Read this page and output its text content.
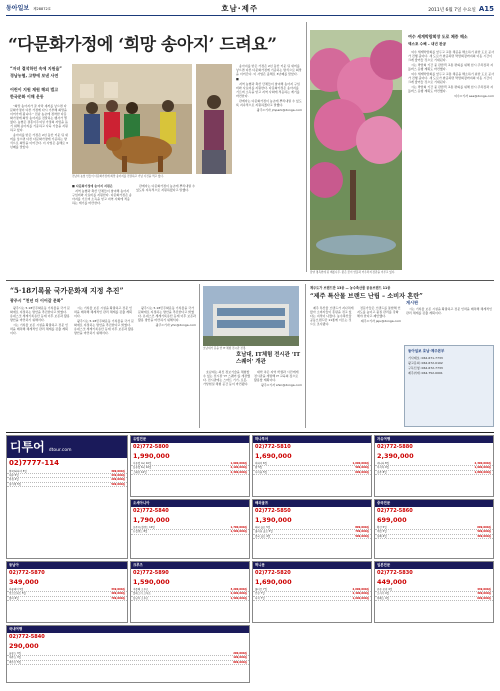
동아일보 제28872호	호남·제주	2011년 6월 7일 수요일 A15
“다문화가정에 ‘희망 송아지’ 드려요”
“자녀 결석하던 속에 지원을”
경남농협, 고향에 보낸 사연
어린이 지원 재원 해외 법고
한국문화 이해 운동

“희망 송아지가 잘 자라 새끼를 낳으면 다문화가정이 다른 가정에 다시 기부해 희망을 이어가게 됩니다.” 전남 농촌에 정착한 다문화가정에 희망 송아지를 전달하는 행사가 열렸다. 농협은 결혼이주여성 가정의 자립을 돕기 위해 송아지를 기증하고 사육 기술을 지원하고 있다.

송아지를 받은 가정은 2년 동안 키운 뒤 새끼를 낳으면 다른 다문화가정에 기증하는 방식으로 희망을 이어간다. 이 사업은 올해로 3년째를 맞았다.

전남의 농업 인들이 다문화가정에 희망 송아지를 전달하고 기념 사진을 찍고 있다.

■ 다문화가정에 송아지 지원은

지역 농협과 축산 단체들이 참여해 송아지 구입비와 사료비를 지원한다. 다문화가정은 송아지를 기르며 소득을 얻고 지역 사회에 적응하는 계기를 마련한다.

관계자는 다문화가정이 농촌에 뿌리내릴 수 있도록 지속적으로 지원하겠다고 말했다.

송아지를 받은 가정은 2년 동안 키운 뒤 새끼를 낳으면 다른 다문화가정에 기증하는 방식으로 희망을 이어간다. 이 사업은 올해로 3년째를 맞았다.

■

지역 농협과 축산 단체들이 참여해 송아지 구입비와 사료비를 지원한다. 다문화가정은 송아지를 기르며 소득을 얻고 지역 사회에 적응하는 계기를 마련한다.

관계자는 다문화가정이 농촌에 뿌리내릴 수 있도록 지속적으로 지원하겠다고 말했다.

광주=기자 jmpark@donga.com

담양 명옥헌에 핀 배롱나무. 붉은 꽃이 연못과 어우러져 장관을 이루고 있다.
여수 세계박람회장 도로 체증 해소
엑스포 수혜 – 내년 완공

여수 세계박람회를 앞두고 교통 체증을 해소하기 위한 도로 공사가 진행 중이다. 새 도로가 완공되면 박람회장까지의 이동 시간이 크게 줄어들 것으로 기대된다.

시는 박람회 기간 중 관람객 교통 편의를 위해 임시 주차장과 셔틀버스 운행 계획도 마련했다.

여수 세계박람회를 앞두고 교통 체증을 해소하기 위한 도로 공사가 진행 중이다. 새 도로가 완공되면 박람회장까지의 이동 시간이 크게 줄어들 것으로 기대된다.

시는 박람회 기간 중 관람객 교통 편의를 위해 임시 주차장과 셔틀버스 운행 계획도 마련했다.

여수=기자 sea@donga.com

“5·18기록물 국가문화재 지정 추진”
광주시 “천년 더 이어갈 문화”

광주시는 5·18민주화운동 기록물을 국가 문화재로 지정하는 방안을 추진한다고 밝혔다. 유네스코 세계기록유산 등재 이후 보존과 활용 방안을 마련하기 위해서다.

시는 기록물 보존 시설을 확충하고 전문 인력을 배치해 체계적인 관리 체계를 갖출 계획이다.

시는 기록물 보존 시설을 확충하고 전문 인력을 배치해 체계적인 관리 체계를 갖출 계획이다.

광주시는 5·18민주화운동 기록물을 국가 문화재로 지정하는 방안을 추진한다고 밝혔다. 유네스코 세계기록유산 등재 이후 보존과 활용 방안을 마련하기 위해서다.

광주시는 5·18민주화운동 기록물을 국가 문화재로 지정하는 방안을 추진한다고 밝혔다. 유네스코 세계기록유산 등재 이후 보존과 활용 방안을 마련하기 위해서다.

광주=기자 yhn@donga.com

호남대가 문을 연 IT 체험 전시관 전경.
호남대, IT체험 전시관 ‘IT 스퀘어’ 개관

호남대는 최신 정보기술을 체험할 수 있는 전시관 ‘IT 스퀘어’를 개관했다. 전시관에는 스마트 기기, 로봇, 가상현실 체험 공간 등이 마련됐다.

대학 측은 지역 학생과 시민에게 전시관을 개방해 IT 교육의 장으로 활용할 계획이다.

광주=기자 shin@donga.com

제주도가 브랜드만 13종 — 농수축산물 공동브랜드 11종
“제주 특산물 브랜드 난립 – 소비자 혼란”

제주 특산물 브랜드가 지나치게 많아 소비자들이 혼란을 겪고 있다는 지적이 나왔다. 농수축산물 공동브랜드만 11종에 이르는 것으로 조사됐다.

전문가들은 브랜드를 통합해 인지도를 높이고 품질 관리를 강화해야 한다고 제안했다.

제주=기자 jeju@donga.com

게시판

시는 기록물 보존 시설을 확충하고 전문 인력을 배치해 체계적인 관리 체계를 갖출 계획이다.

동아일보 호남·제주본부
기사제보: 062-671-7733
광고문의: 062-672-0102
구독신청: 062-672-7733
제주취재: 064-752-0001
디투어 dtour.com
02)7777-114
방콕/파타야 5일	399,000원
세부 5일	449,000원
북경 4일	299,000원
장가계 5일	599,000원
유럽전문
02)772-5800
1,990,000
서유럽 4국 10일	1,990,000원
동유럽 6국 10일	2,190,000원
스페인 10일	2,390,000원
하나투어
02)772-5810
1,690,000
하와이 6일	1,690,000원
괌 5일	599,000원
사이판 5일	699,000원
자유여행
02)772-5880
2,390,000
캐나다 8일	2,390,000원
미서부 9일	1,990,000원
호주 8일	1,890,000원
오세아니아
02)772-5840
1,790,000
호주/뉴질랜드 10일	1,790,000원
뉴질랜드 8일	1,590,000원
해외골프
02)772-5850
1,390,000
태국 골프 5일	899,000원
필리핀 골프 5일	799,000원
중국 골프 4일	599,000원
중국전문
02)772-5860
699,000
황산 5일	699,000원
계림 5일	599,000원
상해 4일	399,000원
동남아
02)772-5870
349,000
하롱베이 5일	349,000원
앙코르와트 5일	499,000원
발리 6일	799,000원
크루즈
02)772-5890
1,590,000
지중해 크루즈	3,290,000원
알래스카 크루즈	2,990,000원
동남아 크루즈	1,590,000원
허니문
02)772-5820
1,690,000
몰디브 7일	2,690,000원
칸쿤 7일	2,490,000원
피지 7일	1,690,000원
일본전문
02)772-5830
449,000
큐슈 온천 4일	449,000원
오사카 4일	399,000원
북해도 4일	699,000원
국내여행
02)772-5840
290,000
울릉도 3일	290,000원
제주도 3일	199,000원
백두산 5일	899,000원
